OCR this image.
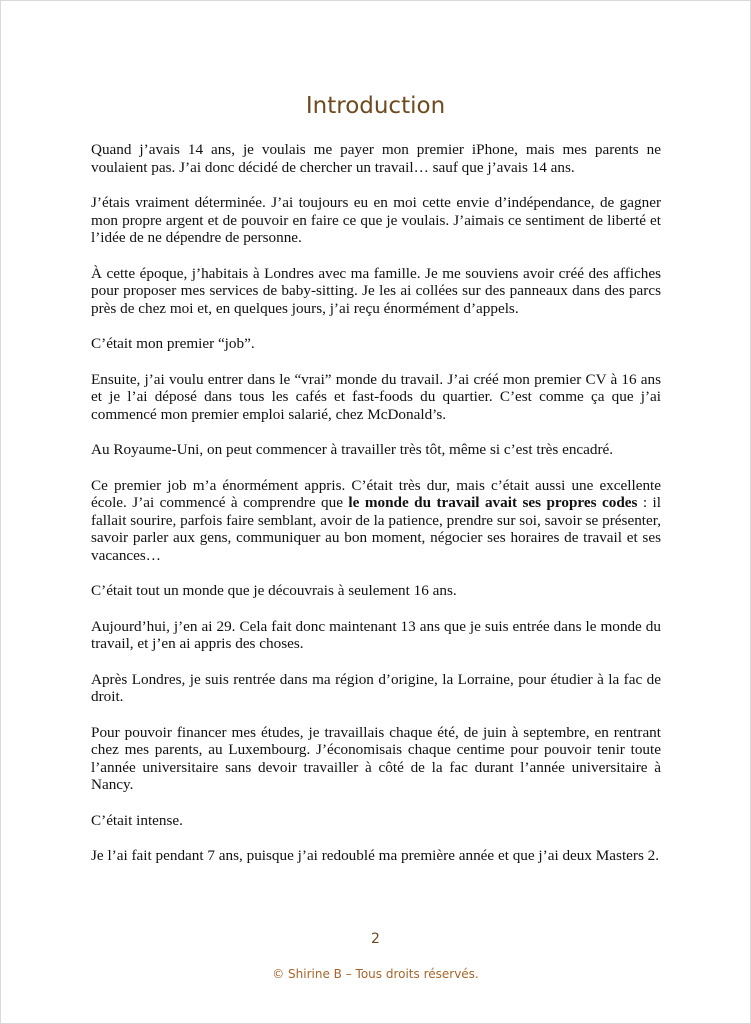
Introduction

Quand j’avais 14 ans, je voulais me payer mon premier iPhone, mais mes parents ne voulaient pas. J’ai donc décidé de chercher un travail… sauf que j’avais 14 ans.

J’étais vraiment déterminée. J’ai toujours eu en moi cette envie d’indépendance, de gagner mon propre argent et de pouvoir en faire ce que je voulais. J’aimais ce sentiment de liberté et l’idée de ne dépendre de personne.

À cette époque, j’habitais à Londres avec ma famille. Je me souviens avoir créé des affiches pour proposer mes services de baby-sitting. Je les ai collées sur des panneaux dans des parcs près de chez moi et, en quelques jours, j’ai reçu énormément d’appels.

C’était mon premier “job”.

Ensuite, j’ai voulu entrer dans le “vrai” monde du travail. J’ai créé mon premier CV à 16 ans et je l’ai déposé dans tous les cafés et fast-foods du quartier. C’est comme ça que j’ai commencé mon premier emploi salarié, chez McDonald’s.

Au Royaume-Uni, on peut commencer à travailler très tôt, même si c’est très encadré.

Ce premier job m’a énormément appris. C’était très dur, mais c’était aussi une excellente école. J’ai commencé à comprendre que le monde du travail avait ses propres codes : il fallait sourire, parfois faire semblant, avoir de la patience, prendre sur soi, savoir se présenter, savoir parler aux gens, communiquer au bon moment, négocier ses horaires de travail et ses vacances…

C’était tout un monde que je découvrais à seulement 16 ans.

Aujourd’hui, j’en ai 29. Cela fait donc maintenant 13 ans que je suis entrée dans le monde du travail, et j’en ai appris des choses.

Après Londres, je suis rentrée dans ma région d’origine, la Lorraine, pour étudier à la fac de droit.

Pour pouvoir financer mes études, je travaillais chaque été, de juin à septembre, en rentrant chez mes parents, au Luxembourg. J’économisais chaque centime pour pouvoir tenir toute l’année universitaire sans devoir travailler à côté de la fac durant l’année universitaire à Nancy.

C’était intense.

Je l’ai fait pendant 7 ans, puisque j’ai redoublé ma première année et que j’ai deux Masters 2.

2
© Shirine B – Tous droits réservés.
